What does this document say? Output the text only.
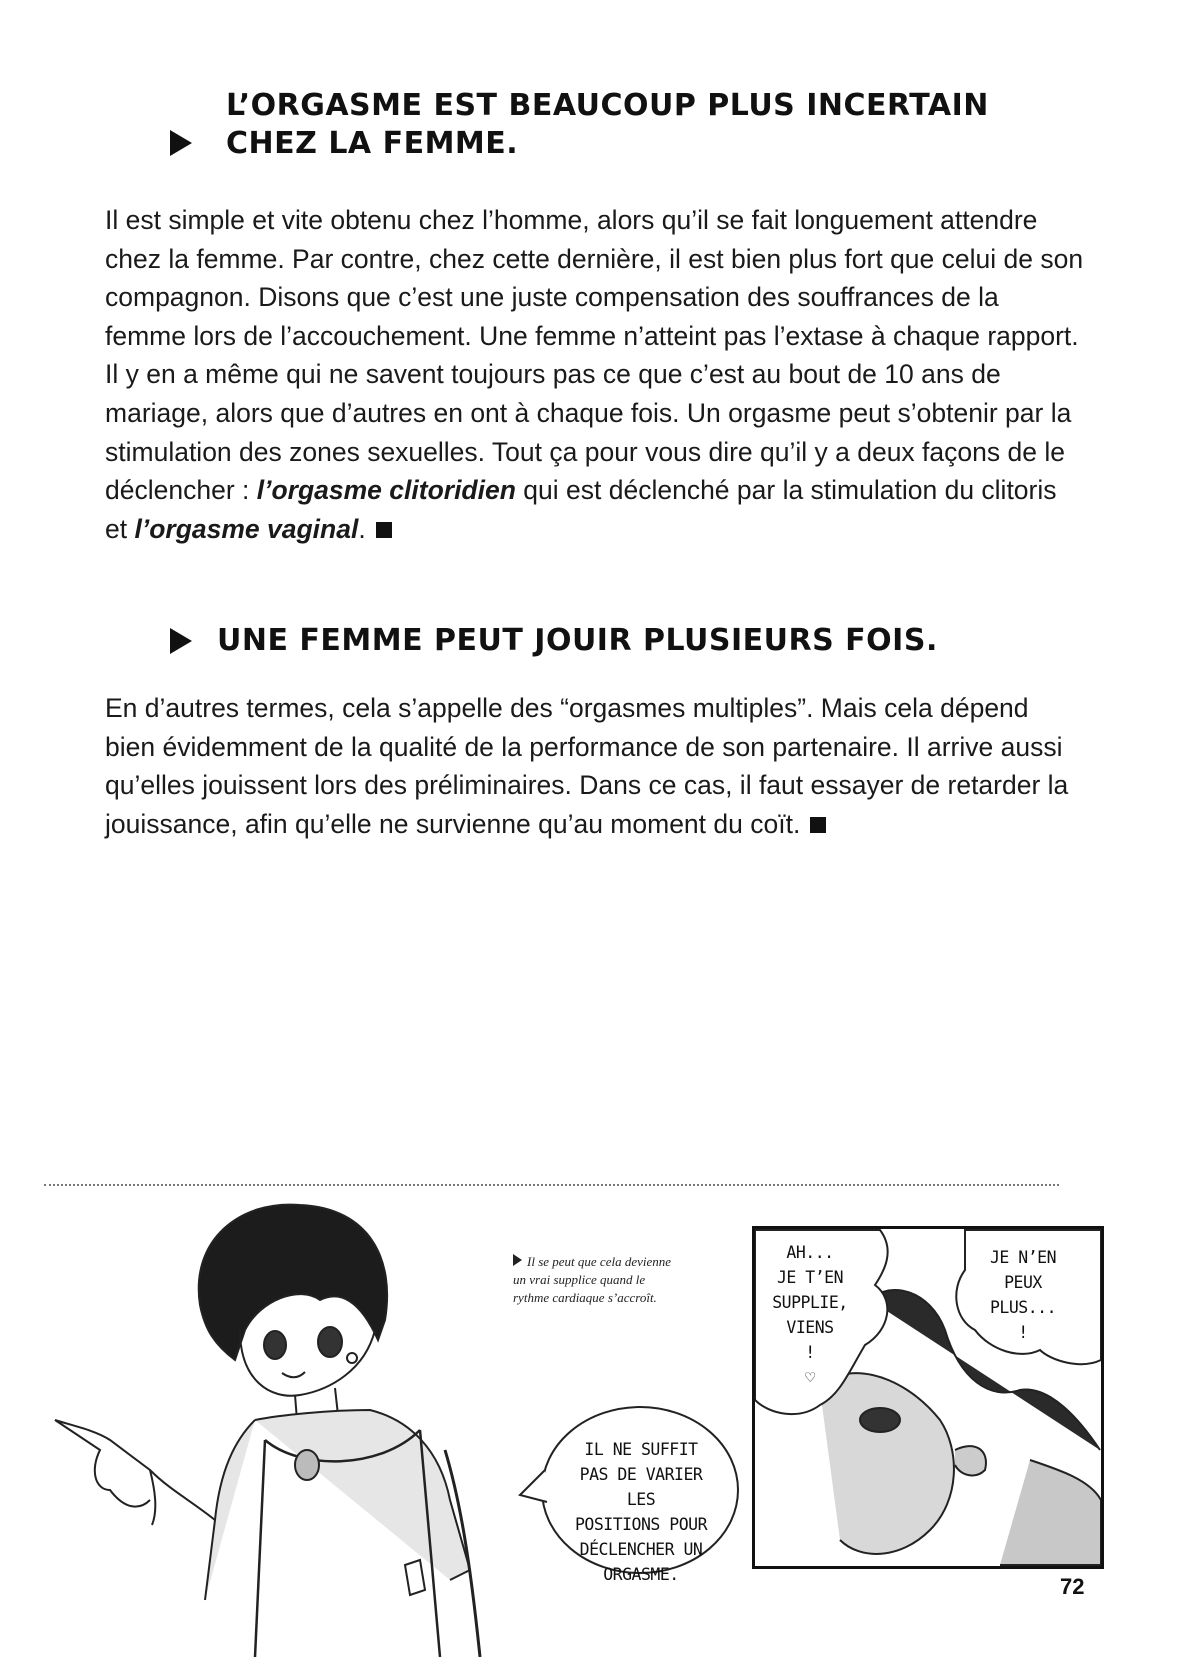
L’ORGASME EST BEAUCOUP PLUS INCERTAIN
CHEZ LA FEMME.

Il est simple et vite obtenu chez l’homme, alors qu’il se fait longuement attendre chez la femme. Par contre, chez cette dernière, il est bien plus fort que celui de son compagnon. Disons que c’est une juste compensation des souffrances de la femme lors de l’accouchement. Une femme n’atteint pas l’extase à chaque rapport. Il y en a même qui ne savent toujours pas ce que c’est au bout de 10 ans de mariage, alors que d’autres en ont à chaque fois. Un orgasme peut s’obtenir par la stimulation des zones sexuelles. Tout ça pour vous dire qu’il y a deux façons de le déclencher : l’orgasme clitoridien qui est déclenché par la stimulation du clitoris et l’orgasme vaginal.

UNE FEMME PEUT JOUIR PLUSIEURS FOIS.

En d’autres termes, cela s’appelle des “orgasmes multiples”. Mais cela dépend bien évidemment de la qualité de la performance de son partenaire. Il arrive aussi qu’elles jouissent lors des préliminaires. Dans ce cas, il faut essayer de retarder la jouissance, afin qu’elle ne survienne qu’au moment du coït.

Il se peut que cela devienne un vrai supplice quand le rythme cardiaque s’accroît.
IL NE SUFFIT
PAS DE VARIER LES
POSITIONS POUR
DÉCLENCHER UN
ORGASME.
AH...
JE T’EN
SUPPLIE,
VIENS
!
♡
JE N’EN
PEUX
PLUS...
!
72
